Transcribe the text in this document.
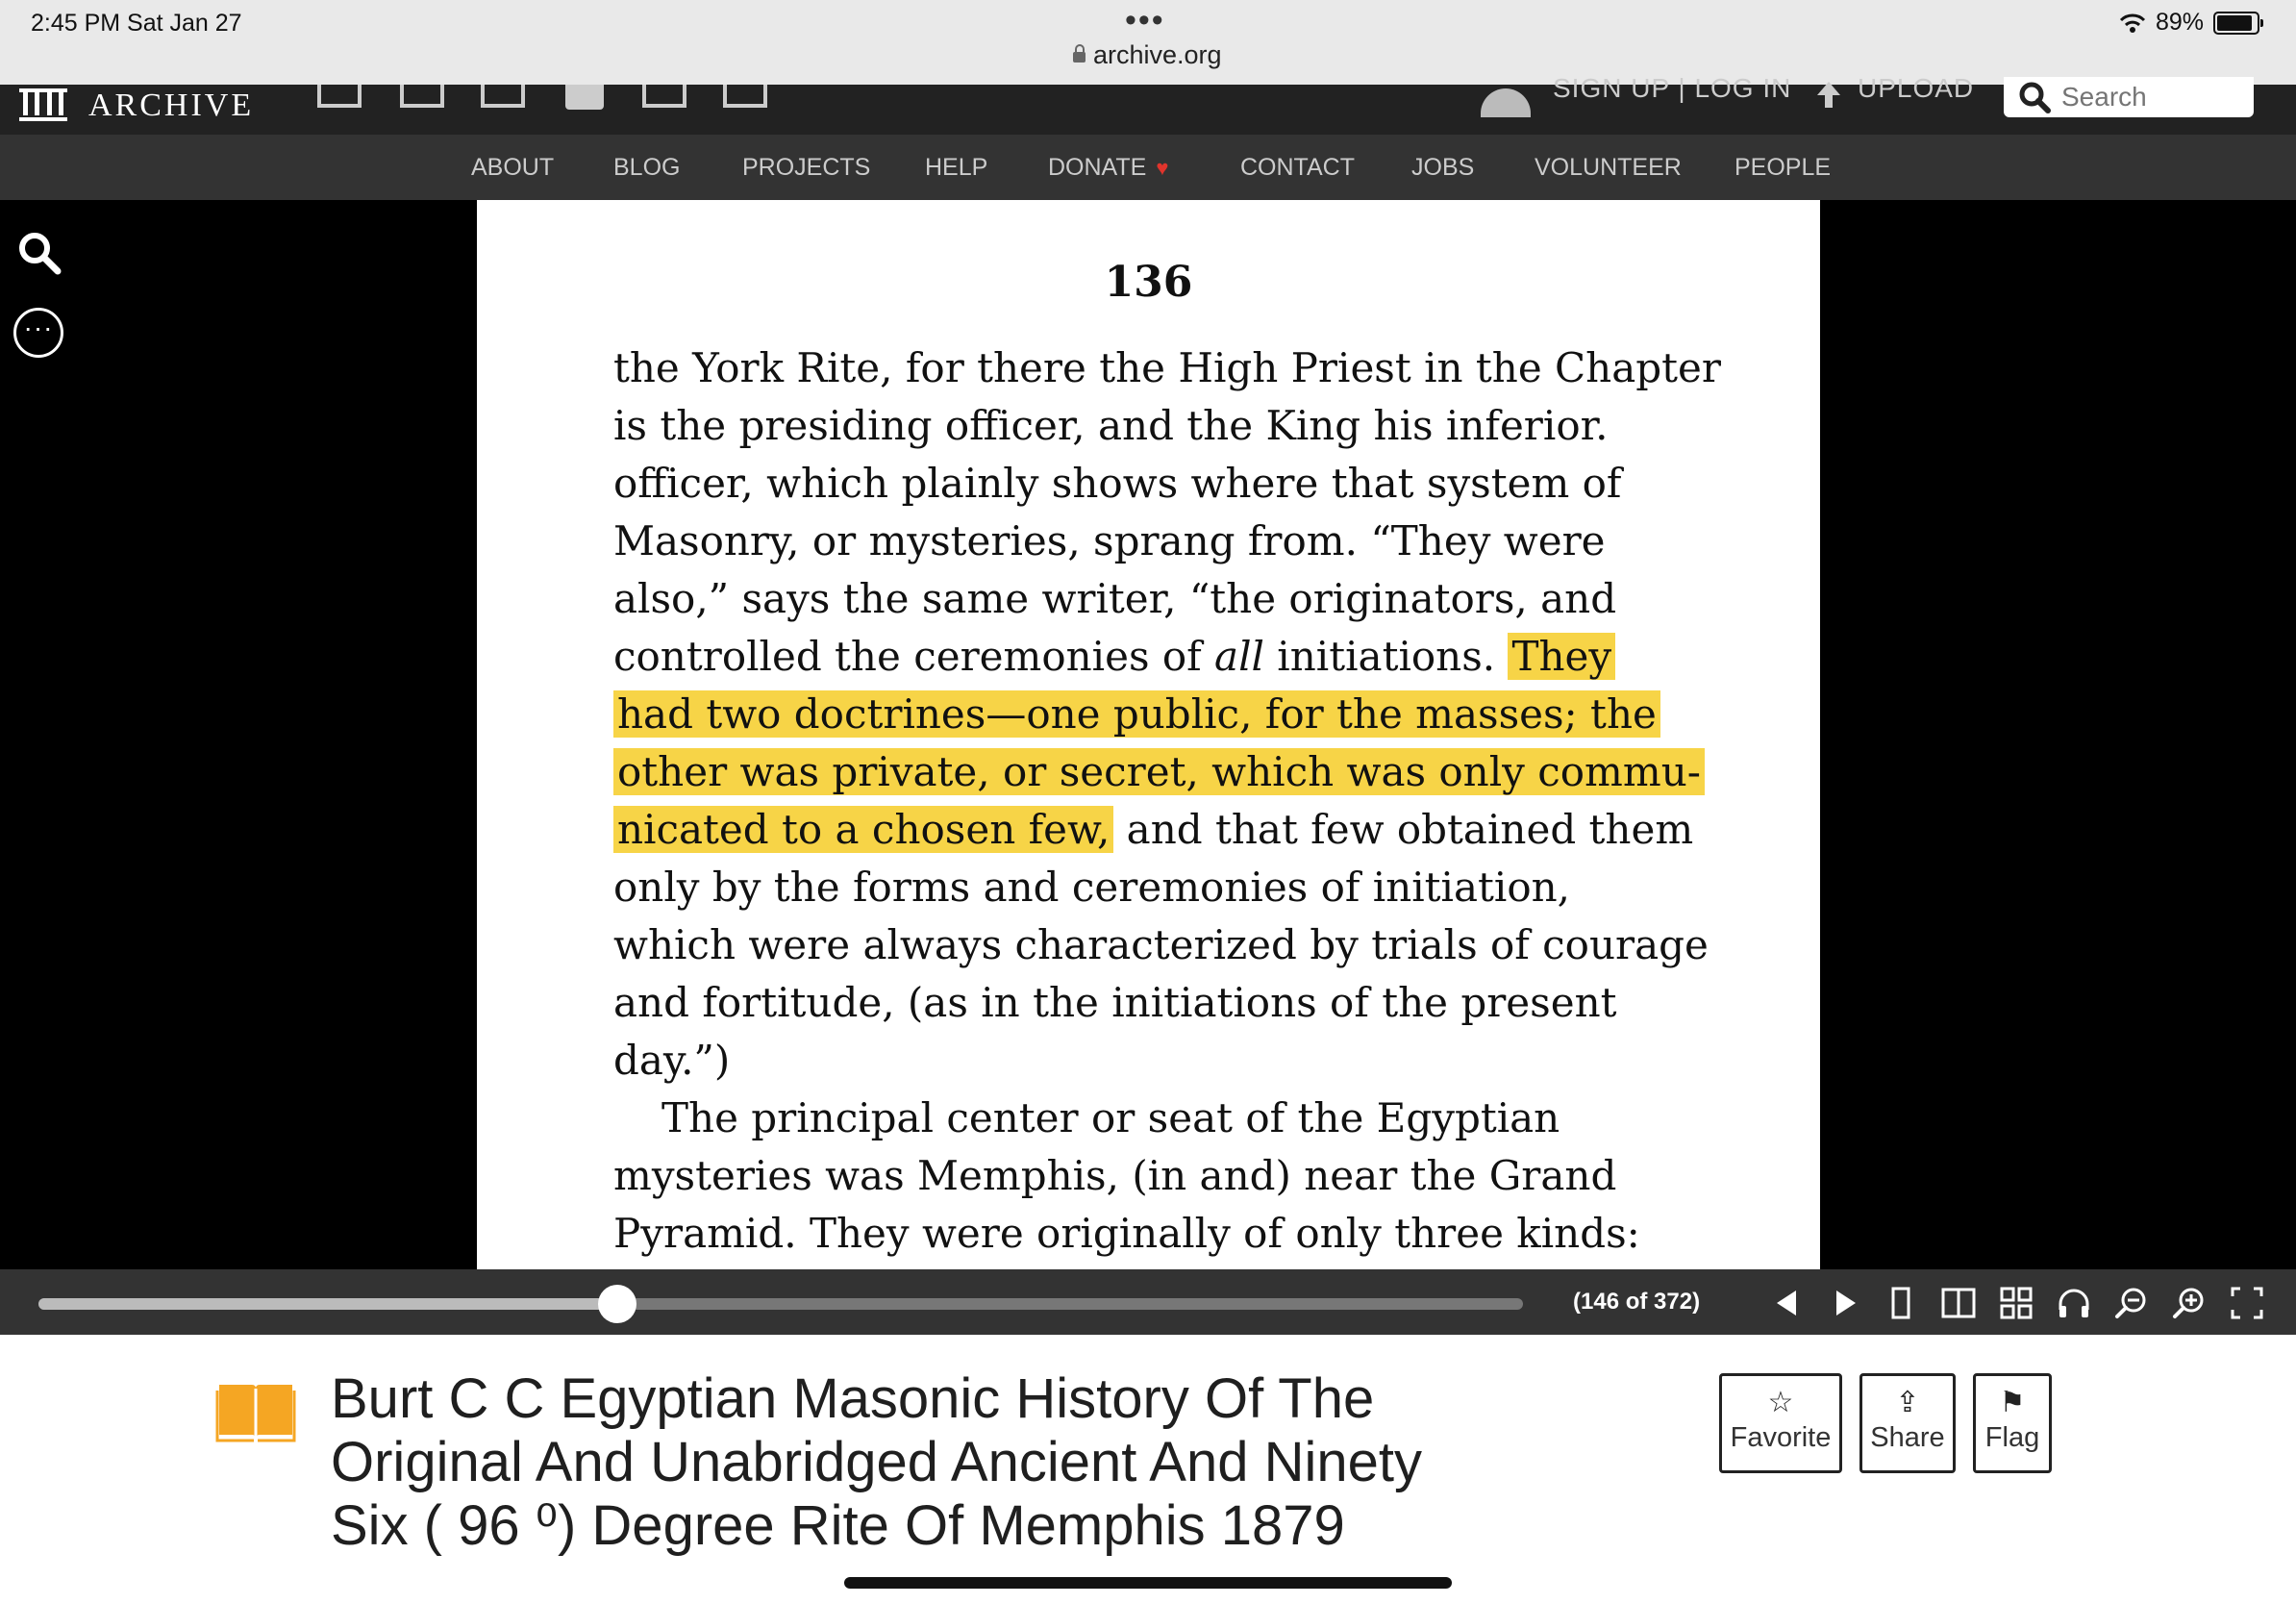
2:45 PM Sat Jan 27	•••
archive.org
89%
ARCHIVE	SIGN UP | LOG IN UPLOAD
Search
ABOUT BLOG	PROJECTS HELP	DONATE ♥	CONTACT JOBS	VOLUNTEER PEOPLE
···
136
the York Rite, for there the High Priest in the Chapter
is the presiding officer, and the King his inferior.
officer, which plainly shows where that system of
Masonry, or mysteries, sprang from. “They were
also,” says the same writer, “the originators, and
controlled the ceremonies of all initiations. They
had two doctrines—one public, for the masses; the
other was private, or secret, which was only commu-
nicated to a chosen few, and that few obtained them
only by the forms and ceremonies of initiation,
which were always characterized by trials of courage
and fortitude, (as in the initiations of the present
day.”)
The principal center or seat of the Egyptian
mysteries was Memphis, (in and) near the Grand
Pyramid. They were originally of only three kinds:
(146 of 372)
Burt C C Egyptian Masonic History Of The Original And Unabridged Ancient And Ninety Six ( 96 ⁰) Degree Rite Of Memphis 1879
☆
Favorite
⇪
Share
⚑
Flag
